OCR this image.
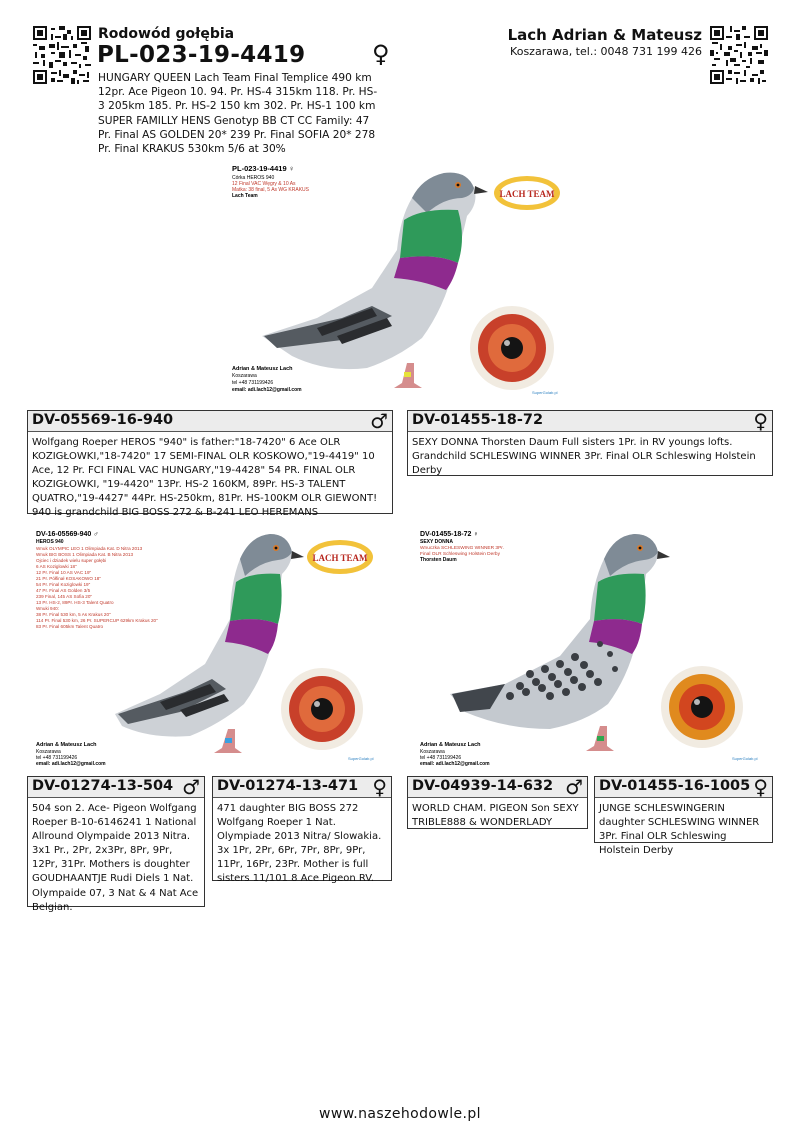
Rodowód gołębia
PL-023-19-4419	♀
HUNGARY QUEEN Lach Team Final Templice 490 km 12pr. Ace Pigeon 10. 94. Pr. HS-4 315km 118. Pr. HS-3 205km 185. Pr. HS-2 150 km 302. Pr. HS-1 100 km SUPER FAMILLY HENS Genotyp BB CT CC Family: 47 Pr. Final AS GOLDEN 20* 239 Pr. Final SOFIA 20* 278 Pr. Final KRAKUS 530km 5/6 at 30%
Lach Adrian & Mateusz
Koszarawa, tel.: 0048 731 199 426
PL-023-19-4419 ♀
Córka HEROS 940
12 Final VAC Węgry & 10 As
Matka: 38 final, 5 As WG KRAKUS
Lach Team	LACH TEAM
Adrian & Mateusz Lach
Koszarawa
tel +48 731199426
email: adi.lach12@gmail.com	SuperGolab.pl
DV-05569-16-940	♂
Wolfgang Roeper HEROS "940" is father:"18-7420" 6 Ace OLR KOZIGŁOWKI,"18-7420" 17 SEMI-FINAL OLR KOSKOWO,"19-4419" 10 Ace, 12 Pr. FCI FINAL VAC HUNGARY,"19-4428" 54 PR. FINAL OLR KOZIGŁOWKI, "19-4420" 13Pr. HS-2 160KM, 89Pr. HS-3 TALENT QUATRO,"19-4427" 44Pr. HS-250km, 81Pr. HS-100KM OLR GIEWONT! 940 is grandchild BIG BOSS 272 & B-241 LEO HEREMANS
DV-01455-18-72	♀
SEXY DONNA Thorsten Daum Full sisters 1Pr. in RV youngs lofts. Grandchild SCHLESWING WINNER 3Pr. Final OLR Schleswing Holstein Derby
DV-16-05569-940 ♂
HEROS 940
Wnuk OLYMPIC LEO 1 Olimpiada Kat. D Nitra 2013
Wnuk BIG BOSS 1 Olimpiada Kat. B Nitra 2013
Ojciec i dziadek wielu super gołębi
6 AS Koziglowki 18"
12 Pr. Final 10 AS VAC 19"
21 Pr. Półfinał KOSAKOWO 18"
54 Pr. Final Koziglowki 19"
47 Pr. Final AS Golden 3/5
239 Final, 145 AS Sofia 20"
13 Pr. HS-2, 89Pr. HS-3 Talent Quatro
Wnuki 940:
38 Pr. Final 530 km, 5 As Krakus 20"
114 Pr. Final 530 km, 26 Pr. SUPERCUP 629km Krakus 20"
83 Pr. Final 605km Talent Quatro
LACH TEAM
Adrian & Mateusz Lach
Koszarawa
tel +48 731199426
email: adi.lach12@gmail.com
SuperGolab.pl
DV-01455-18-72 ♀
SEXY DONNA
Wnuczka SCHLESWING WINNER 3Pr.
Final OLR Schleswing Holstein Derby
Thorsten Daum
Adrian & Mateusz Lach
Koszarawa
tel +48 731199426
email: adi.lach12@gmail.com
SuperGolab.pl
DV-01274-13-504 ♂
504 son 2. Ace- Pigeon Wolfgang Roeper B-10-6146241 1 National Allround Olympaide 2013 Nitra. 3x1 Pr., 2Pr, 2x3Pr, 8Pr, 9Pr, 12Pr, 31Pr. Mothers is doughter GOUDHAANTJE Rudi Diels 1 Nat. Olympaide 07, 3 Nat & 4 Nat Ace Belgian.
DV-01274-13-471 ♀
471 daughter BIG BOSS 272 Wolfgang Roeper 1 Nat. Olympiade 2013 Nitra/ Slowakia. 3x 1Pr, 2Pr, 6Pr, 7Pr, 8Pr, 9Pr, 11Pr, 16Pr, 23Pr. Mother is full sisters 11/101 8 Ace Pigeon RV.
DV-04939-14-632 ♂
WORLD CHAM. PIGEON Son SEXY TRIBLE888 & WONDERLADY
DV-01455-16-1005 ♀
JUNGE SCHLESWINGERIN daughter SCHLESWING WINNER 3Pr. Final OLR Schleswing Holstein Derby
www.naszehodowle.pl
